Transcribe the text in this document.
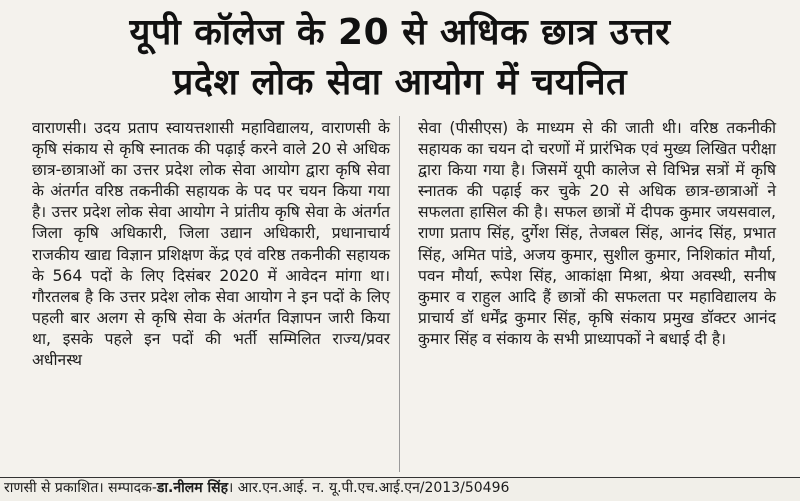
यूपी कॉलेज के 20 से अधिक छात्र उत्तर
प्रदेश लोक सेवा आयोग में चयनित

वाराणसी। उदय प्रताप स्वायत्तशासी महाविद्यालय, वाराणसी के कृषि संकाय से कृषि स्नातक की पढ़ाई करने वाले 20 से अधिक छात्र-छात्राओं का उत्तर प्रदेश लोक सेवा आयोग द्वारा कृषि सेवा के अंतर्गत वरिष्ठ तकनीकी सहायक के पद पर चयन किया गया है। उत्तर प्रदेश लोक सेवा आयोग ने प्रांतीय कृषि सेवा के अंतर्गत जिला कृषि अधिकारी, जिला उद्यान अधिकारी, प्रधानाचार्य राजकीय खाद्य विज्ञान प्रशिक्षण केंद्र एवं वरिष्ठ तकनीकी सहायक के 564 पदों के लिए दिसंबर 2020 में आवेदन मांगा था। गौरतलब है कि उत्तर प्रदेश लोक सेवा आयोग ने इन पदों के लिए पहली बार अलग से कृषि सेवा के अंतर्गत विज्ञापन जारी किया था, इसके पहले इन पदों की भर्ती सम्मिलित राज्य/प्रवर अधीनस्थ

सेवा (पीसीएस) के माध्यम से की जाती थी। वरिष्ठ तकनीकी सहायक का चयन दो चरणों में प्रारंभिक एवं मुख्य लिखित परीक्षा द्वारा किया गया है। जिसमें यूपी कालेज से विभिन्न सत्रों में कृषि स्नातक की पढ़ाई कर चुके 20 से अधिक छात्र-छात्राओं ने सफलता हासिल की है। सफल छात्रों में दीपक कुमार जयसवाल, राणा प्रताप सिंह, दुर्गेश सिंह, तेजबल सिंह, आनंद सिंह, प्रभात सिंह, अमित पांडे, अजय कुमार, सुशील कुमार, निशिकांत मौर्या, पवन मौर्या, रूपेश सिंह, आकांक्षा मिश्रा, श्रेया अवस्थी, सनीष कुमार व राहुल आदि हैं छात्रों की सफलता पर महाविद्यालय के प्राचार्य डॉ धर्मेंद्र कुमार सिंह, कृषि संकाय प्रमुख डॉक्टर आनंद कुमार सिंह व संकाय के सभी प्राध्यापकों ने बधाई दी है।

राणसी से प्रकाशित। सम्पादक-डा.नीलम सिंह। आर.एन.आई. न. यू.पी.एच.आई.एन/2013/50496
